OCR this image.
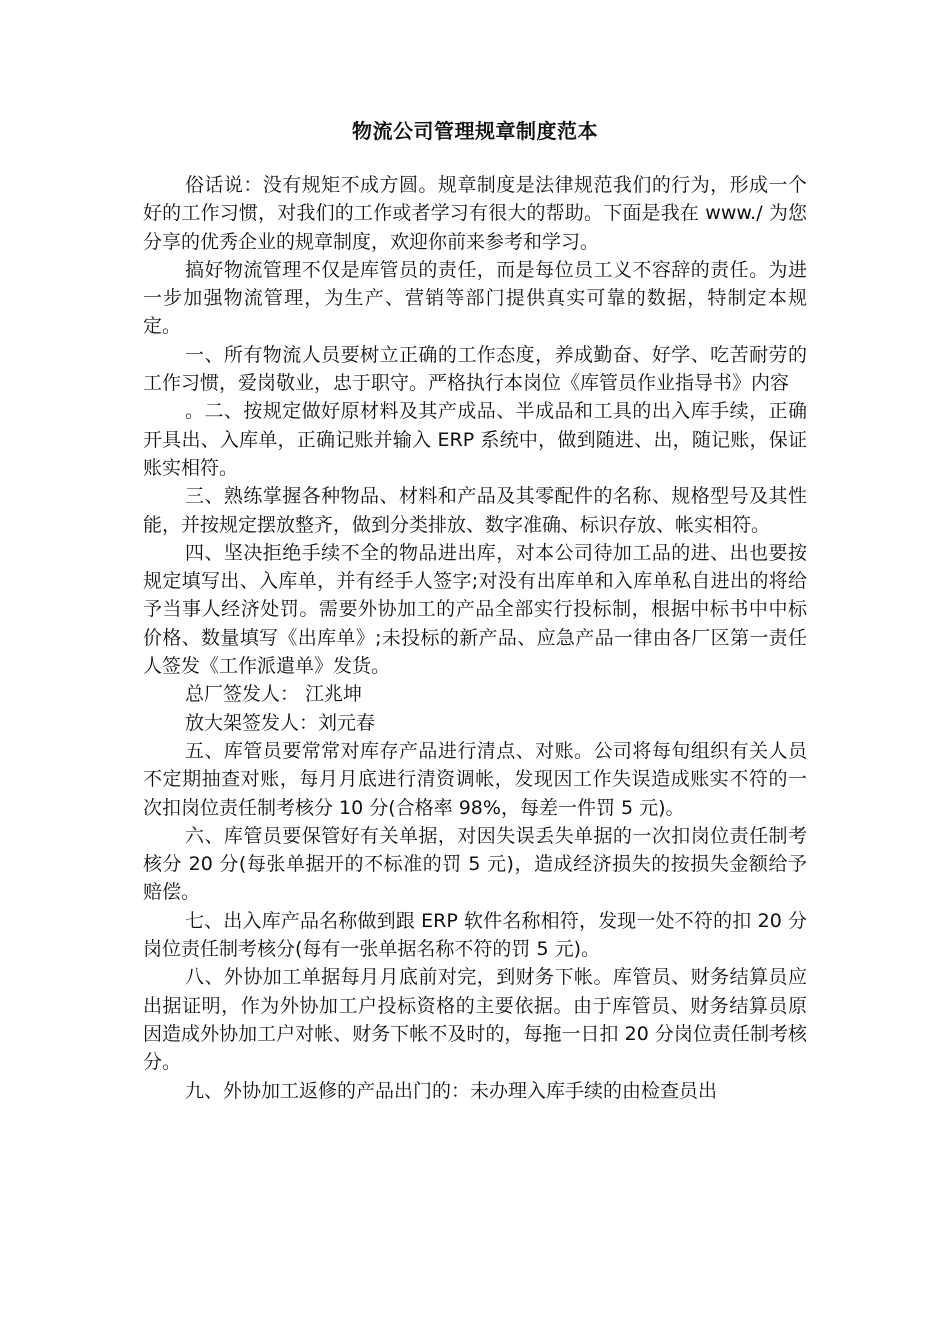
物流公司管理规章制度范本

俗话说：没有规矩不成方圆。规章制度是法律规范我们的行为，形成一个好的工作习惯，对我们的工作或者学习有很大的帮助。下面是我在 www./ 为您分享的优秀企业的规章制度，欢迎你前来参考和学习。

搞好物流管理不仅是库管员的责任，而是每位员工义不容辞的责任。为进一步加强物流管理，为生产、营销等部门提供真实可靠的数据，特制定本规定。

一、所有物流人员要树立正确的工作态度，养成勤奋、好学、吃苦耐劳的工作习惯，爱岗敬业，忠于职守。严格执行本岗位《库管员作业指导书》内容

。二、按规定做好原材料及其产成品、半成品和工具的出入库手续，正确开具出、入库单，正确记账并输入 ERP 系统中，做到随进、出，随记账，保证账实相符。

三、熟练掌握各种物品、材料和产品及其零配件的名称、规格型号及其性能，并按规定摆放整齐，做到分类排放、数字准确、标识存放、帐实相符。

四、坚决拒绝手续不全的物品进出库，对本公司待加工品的进、出也要按规定填写出、入库单，并有经手人签字;对没有出库单和入库单私自进出的将给予当事人经济处罚。需要外协加工的产品全部实行投标制，根据中标书中中标价格、数量填写《出库单》;未投标的新产品、应急产品一律由各厂区第一责任人签发《工作派遣单》发货。

总厂签发人： 江兆坤

放大架签发人：刘元春

五、库管员要常常对库存产品进行清点、对账。公司将每旬组织有关人员不定期抽查对账，每月月底进行清资调帐，发现因工作失误造成账实不符的一次扣岗位责任制考核分 10 分(合格率 98%，每差一件罚 5 元)。

六、库管员要保管好有关单据，对因失误丢失单据的一次扣岗位责任制考核分 20 分(每张单据开的不标准的罚 5 元)，造成经济损失的按损失金额给予赔偿。

七、出入库产品名称做到跟 ERP 软件名称相符，发现一处不符的扣 20 分岗位责任制考核分(每有一张单据名称不符的罚 5 元)。

八、外协加工单据每月月底前对完，到财务下帐。库管员、财务结算员应出据证明，作为外协加工户投标资格的主要依据。由于库管员、财务结算员原因造成外协加工户对帐、财务下帐不及时的，每拖一日扣 20 分岗位责任制考核分。

九、外协加工返修的产品出门的：未办理入库手续的由检查员出
